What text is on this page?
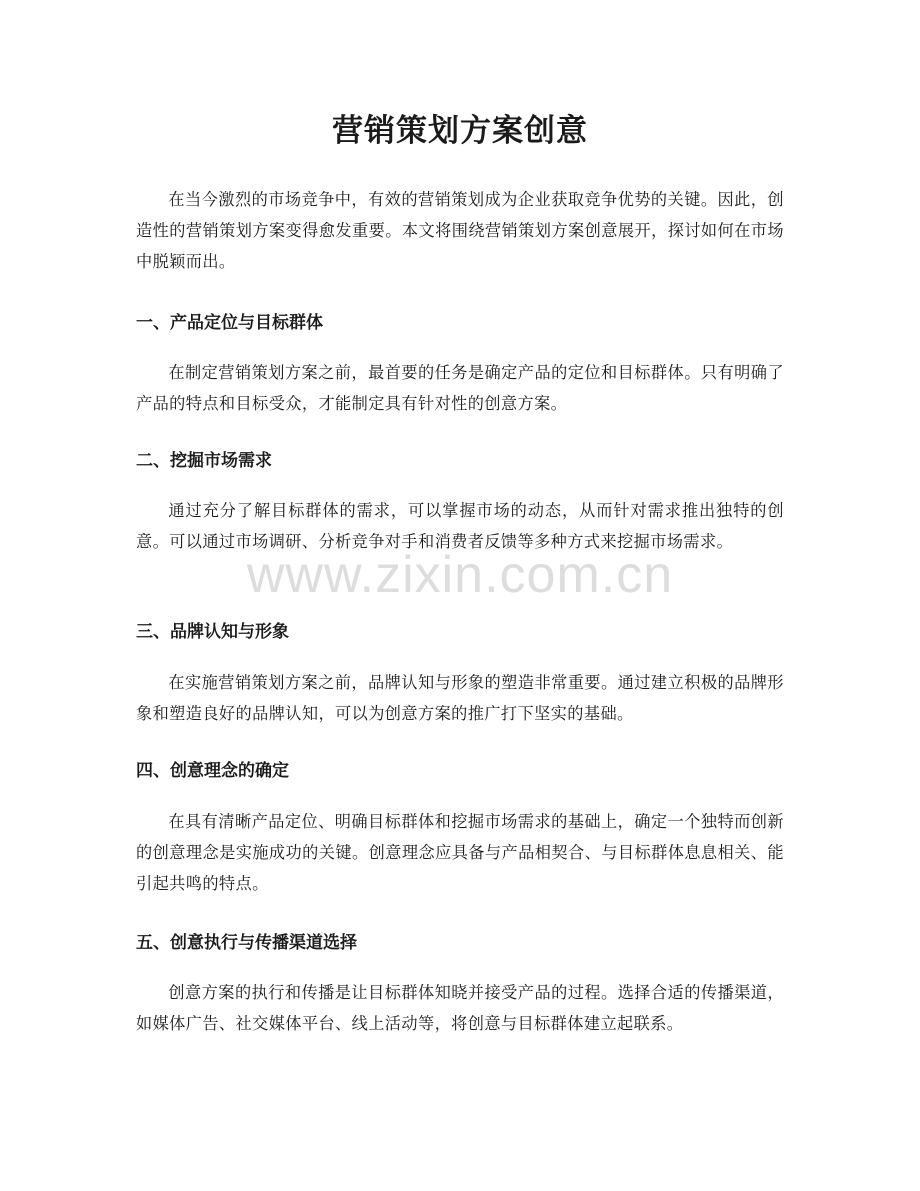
营销策划方案创意
在当今激烈的市场竞争中，有效的营销策划成为企业获取竞争优势的关键。因此，创造性的营销策划方案变得愈发重要。本文将围绕营销策划方案创意展开，探讨如何在市场中脱颖而出。
一、产品定位与目标群体
在制定营销策划方案之前，最首要的任务是确定产品的定位和目标群体。只有明确了产品的特点和目标受众，才能制定具有针对性的创意方案。
二、挖掘市场需求
通过充分了解目标群体的需求，可以掌握市场的动态，从而针对需求推出独特的创意。可以通过市场调研、分析竞争对手和消费者反馈等多种方式来挖掘市场需求。
三、品牌认知与形象
在实施营销策划方案之前，品牌认知与形象的塑造非常重要。通过建立积极的品牌形象和塑造良好的品牌认知，可以为创意方案的推广打下坚实的基础。
四、创意理念的确定
在具有清晰产品定位、明确目标群体和挖掘市场需求的基础上，确定一个独特而创新的创意理念是实施成功的关键。创意理念应具备与产品相契合、与目标群体息息相关、能引起共鸣的特点。
五、创意执行与传播渠道选择
创意方案的执行和传播是让目标群体知晓并接受产品的过程。选择合适的传播渠道，如媒体广告、社交媒体平台、线上活动等，将创意与目标群体建立起联系。
www.zixin.com.cn
